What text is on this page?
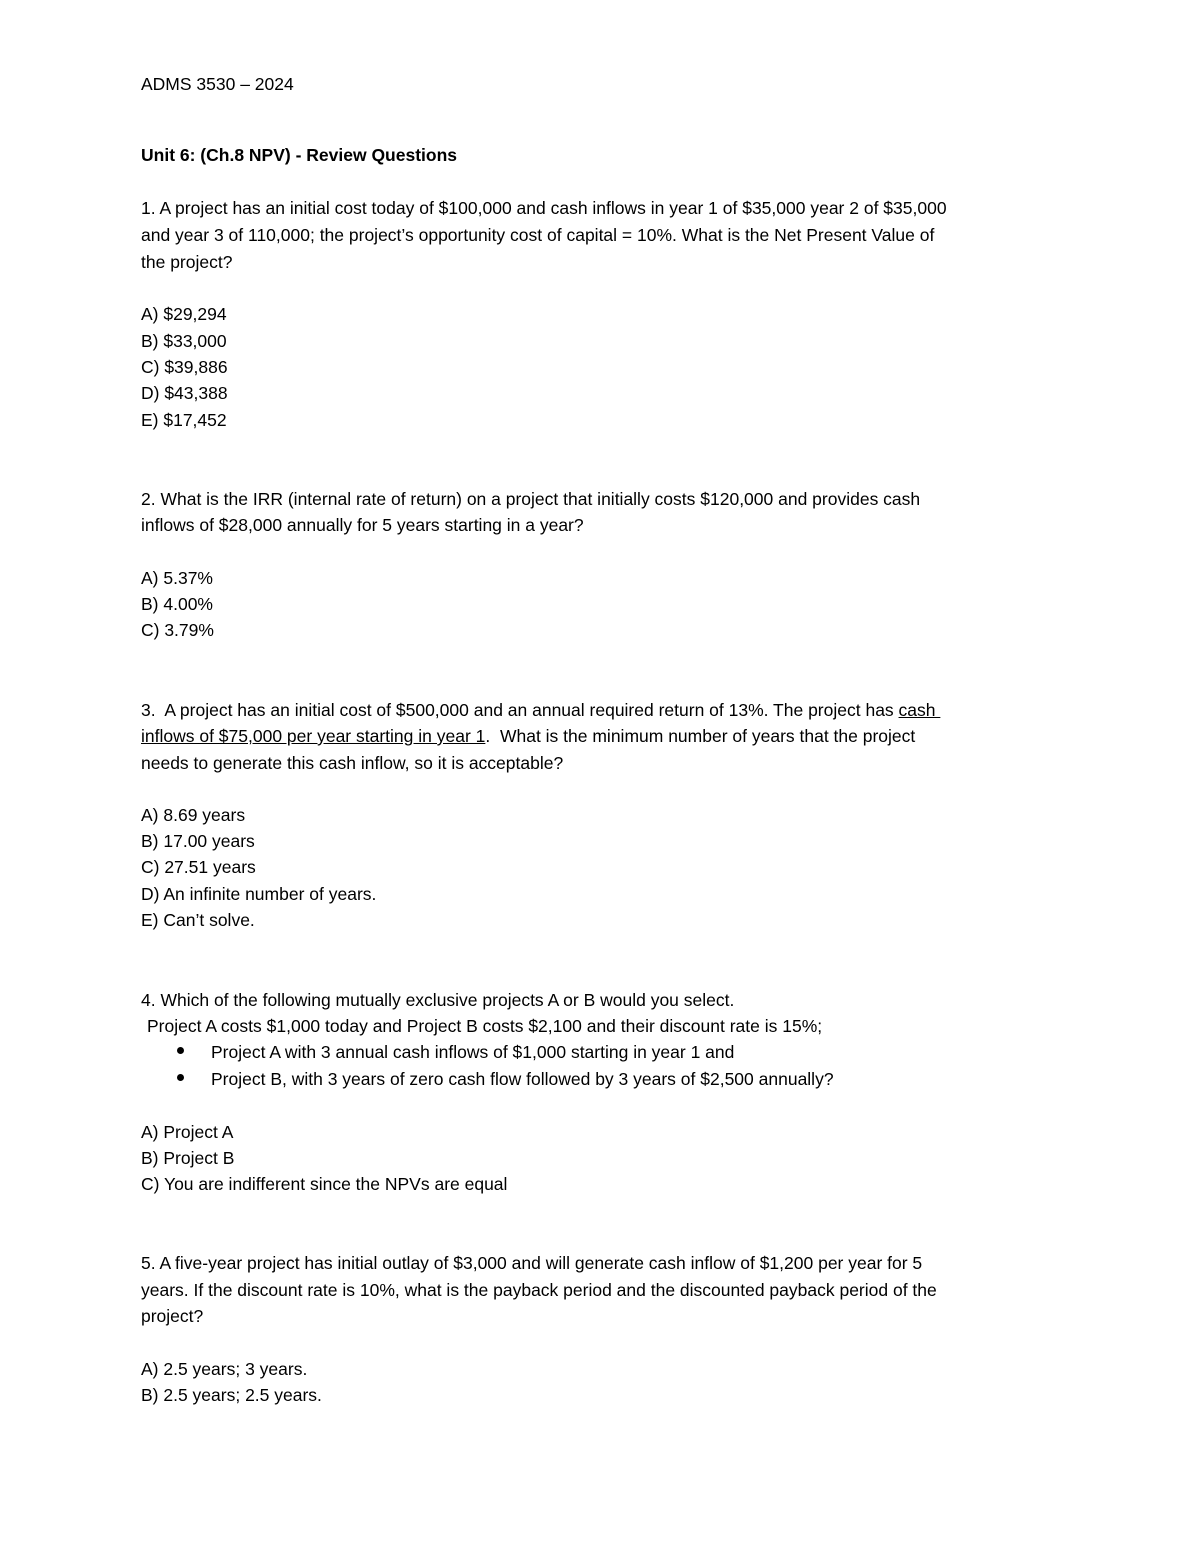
ADMS 3530 – 2024
Unit 6: (Ch.8 NPV) - Review Questions
1. A project has an initial cost today of $100,000 and cash inflows in year 1 of $35,000 year 2 of $35,000
and year 3 of 110,000; the project’s opportunity cost of capital = 10%. What is the Net Present Value of
the project?
A) $29,294
B) $33,000
C) $39,886
D) $43,388
E) $17,452
2. What is the IRR (internal rate of return) on a project that initially costs $120,000 and provides cash
inflows of $28,000 annually for 5 years starting in a year?
A) 5.37%
B) 4.00%
C) 3.79%
3.  A project has an initial cost of $500,000 and an annual required return of 13%. The project has cash
inflows of $75,000 per year starting in year 1.  What is the minimum number of years that the project
needs to generate this cash inflow, so it is acceptable?
A) 8.69 years
B) 17.00 years
C) 27.51 years
D) An infinite number of years.
E) Can’t solve.
4. Which of the following mutually exclusive projects A or B would you select.
Project A costs $1,000 today and Project B costs $2,100 and their discount rate is 15%;
Project A with 3 annual cash inflows of $1,000 starting in year 1 and
Project B, with 3 years of zero cash flow followed by 3 years of $2,500 annually?
A) Project A
B) Project B
C) You are indifferent since the NPVs are equal
5. A five-year project has initial outlay of $3,000 and will generate cash inflow of $1,200 per year for 5
years. If the discount rate is 10%, what is the payback period and the discounted payback period of the
project?
A) 2.5 years; 3 years.
B) 2.5 years; 2.5 years.
